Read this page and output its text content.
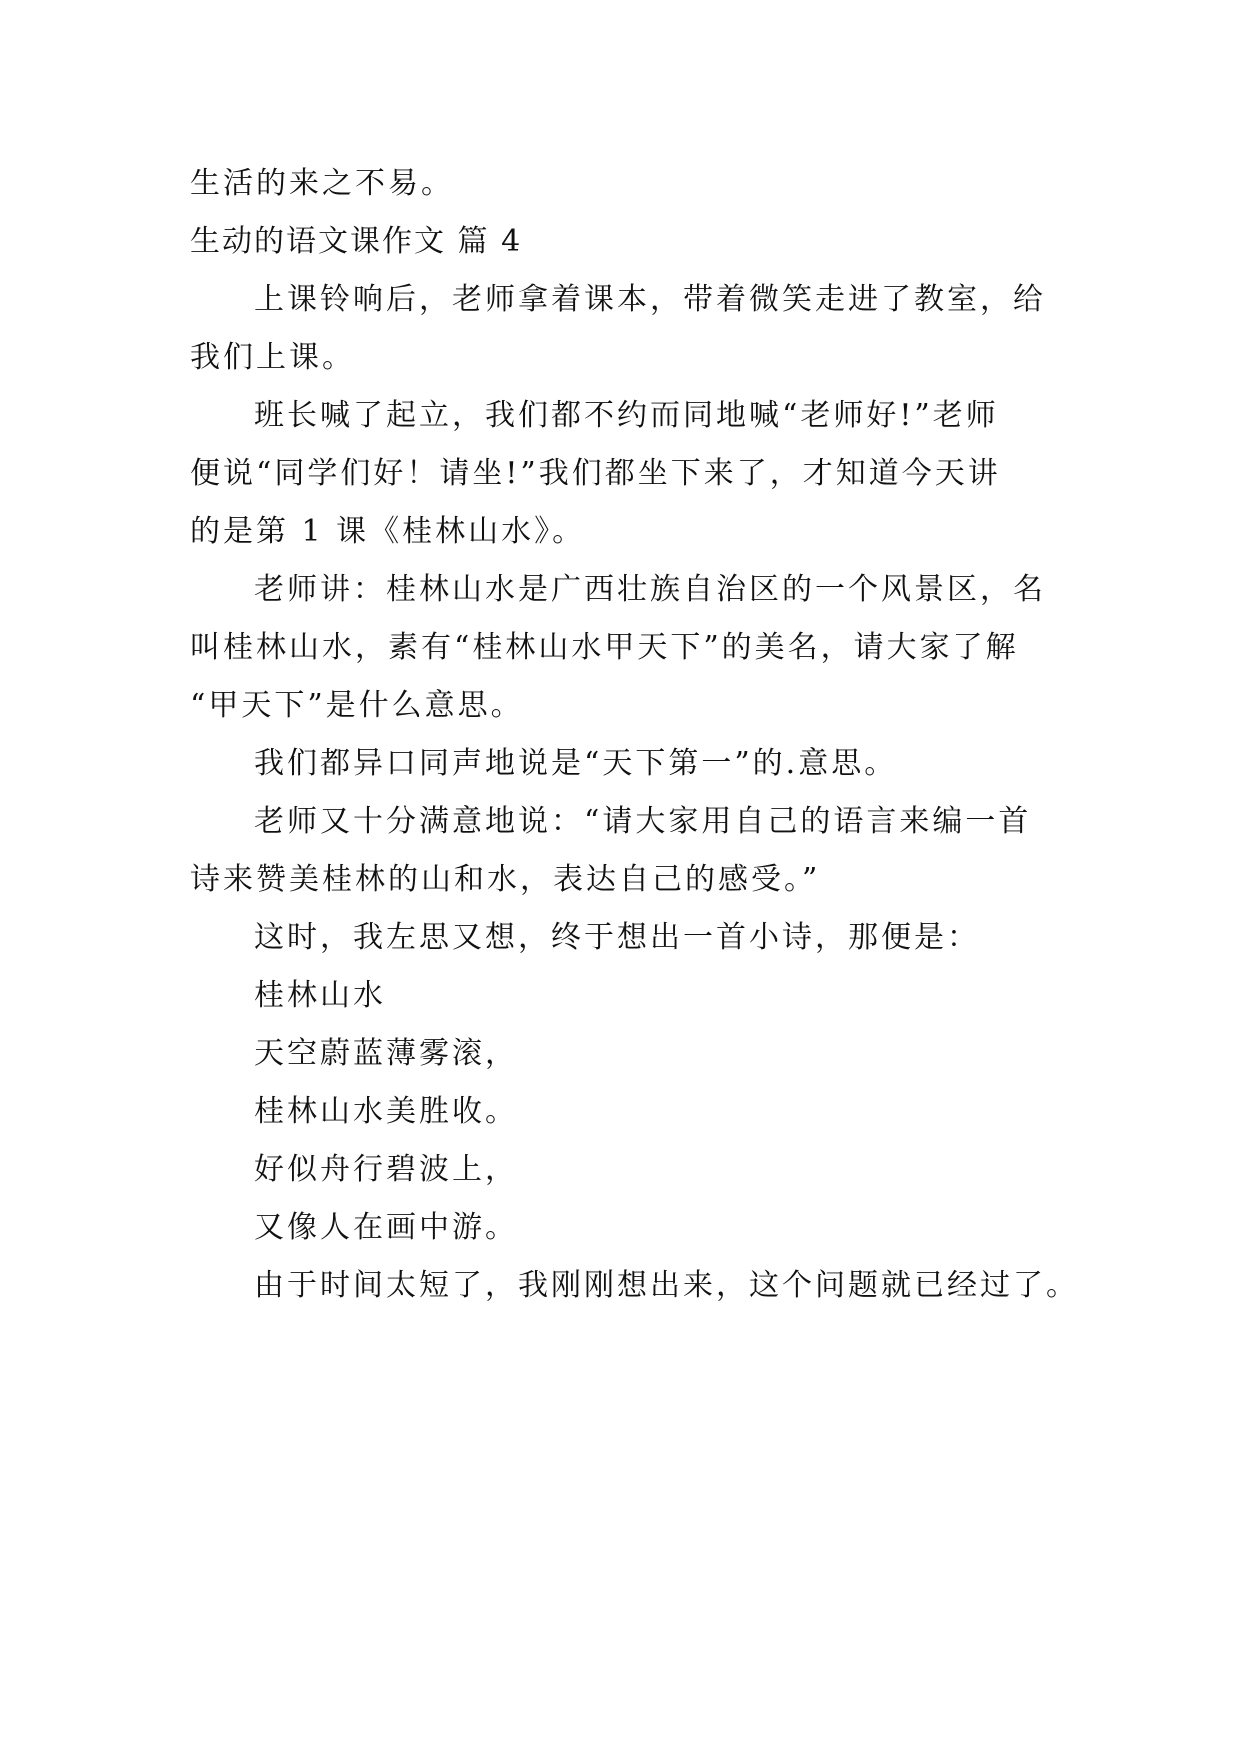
生活的来之不易。
生动的语文课作文 篇 4
上课铃响后，老师拿着课本，带着微笑走进了教室，给
我们上课。
班长喊了起立，我们都不约而同地喊“老师好!”老师
便说“同学们好！请坐!”我们都坐下来了，才知道今天讲
的是第 1 课《桂林山水》。
老师讲：桂林山水是广西壮族自治区的一个风景区，名
叫桂林山水，素有“桂林山水甲天下”的美名，请大家了解
“甲天下”是什么意思。
我们都异口同声地说是“天下第一”的.意思。
老师又十分满意地说：“请大家用自己的语言来编一首
诗来赞美桂林的山和水，表达自己的感受。”
这时，我左思又想，终于想出一首小诗，那便是：
桂林山水
天空蔚蓝薄雾滚，
桂林山水美胜收。
好似舟行碧波上，
又像人在画中游。
由于时间太短了，我刚刚想出来，这个问题就已经过了。
